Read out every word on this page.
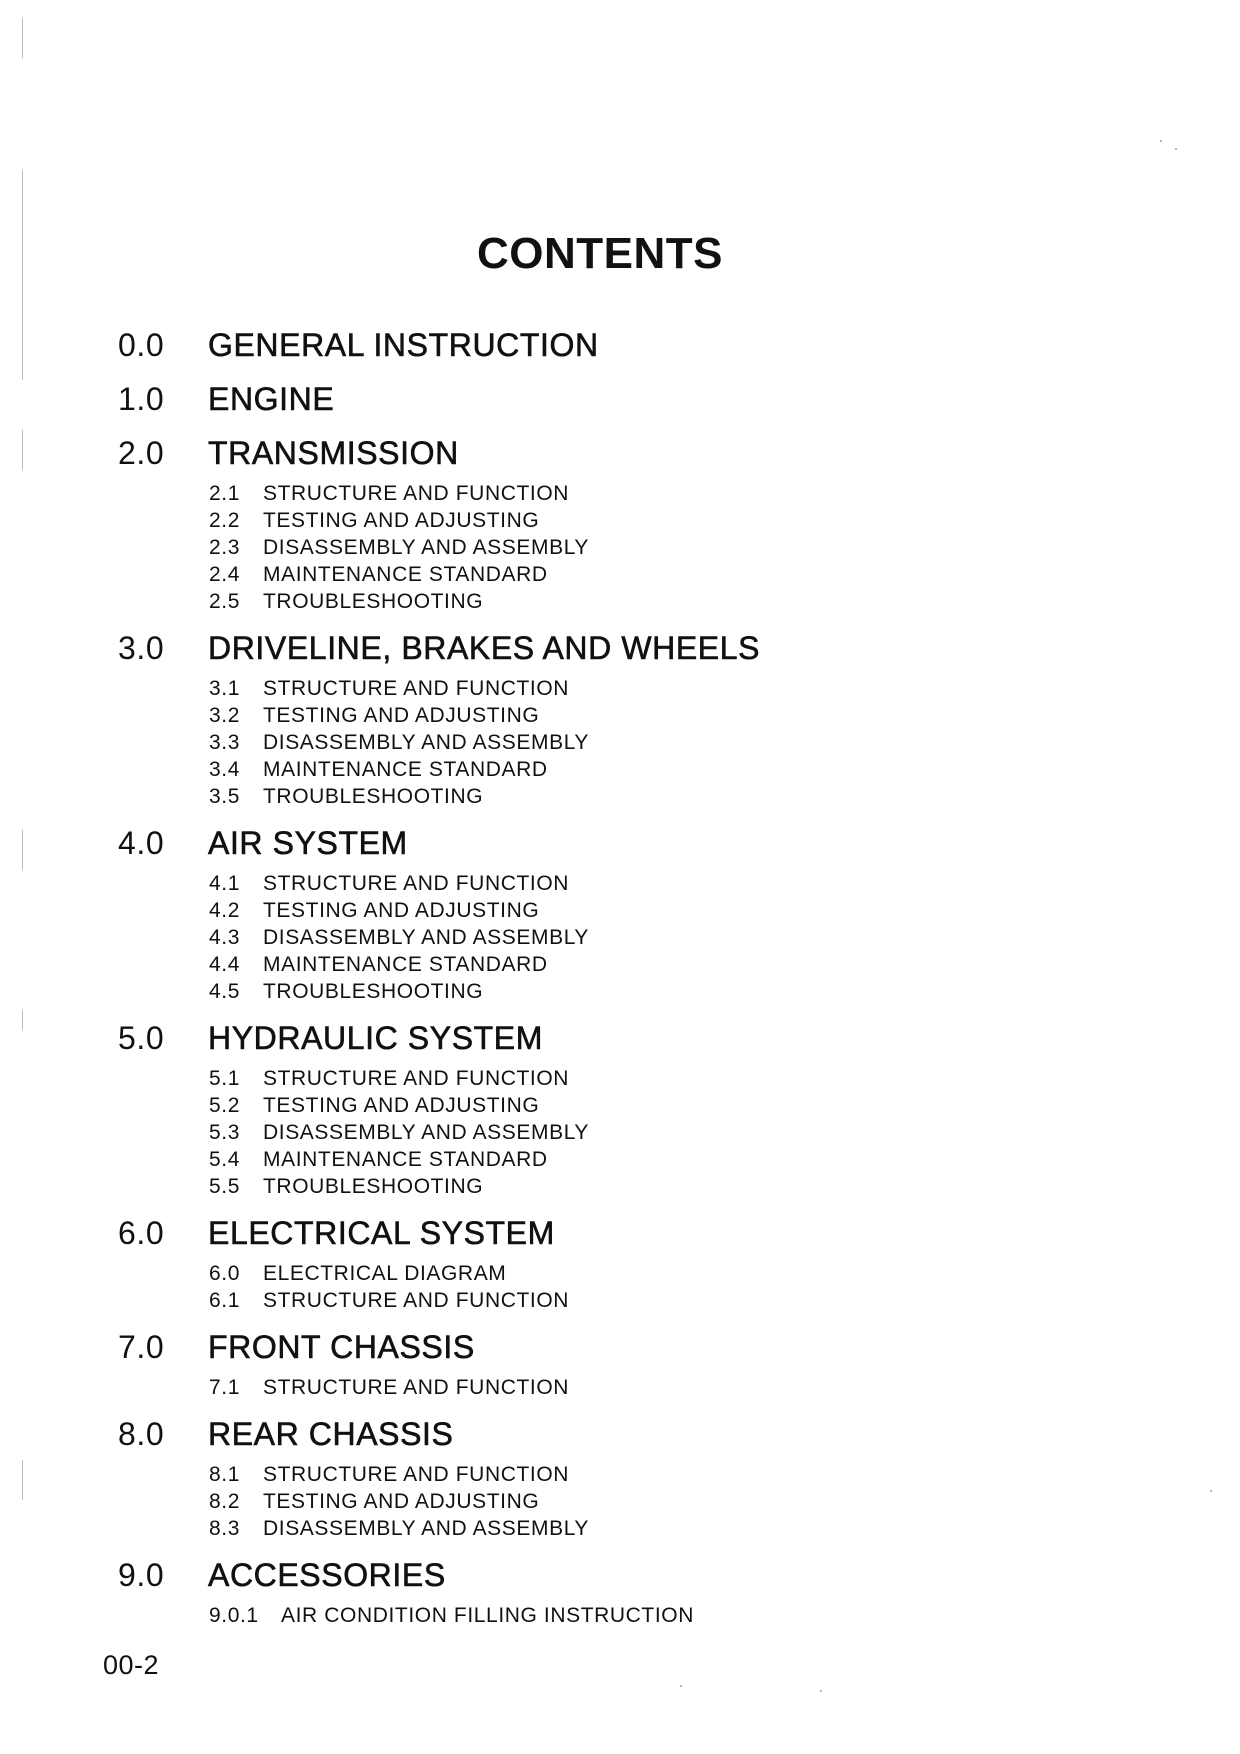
CONTENTS
0.0	GENERAL INSTRUCTION
1.0	ENGINE
2.0	TRANSMISSION
2.1	STRUCTURE AND FUNCTION
2.2	TESTING AND ADJUSTING
2.3	DISASSEMBLY AND ASSEMBLY
2.4	MAINTENANCE STANDARD
2.5	TROUBLESHOOTING
3.0	DRIVELINE, BRAKES AND WHEELS
3.1	STRUCTURE AND FUNCTION
3.2	TESTING AND ADJUSTING
3.3	DISASSEMBLY AND ASSEMBLY
3.4	MAINTENANCE STANDARD
3.5	TROUBLESHOOTING
4.0	AIR SYSTEM
4.1	STRUCTURE AND FUNCTION
4.2	TESTING AND ADJUSTING
4.3	DISASSEMBLY AND ASSEMBLY
4.4	MAINTENANCE STANDARD
4.5	TROUBLESHOOTING
5.0	HYDRAULIC SYSTEM
5.1	STRUCTURE AND FUNCTION
5.2	TESTING AND ADJUSTING
5.3	DISASSEMBLY AND ASSEMBLY
5.4	MAINTENANCE STANDARD
5.5	TROUBLESHOOTING
6.0	ELECTRICAL SYSTEM
6.0	ELECTRICAL DIAGRAM
6.1	STRUCTURE AND FUNCTION
7.0	FRONT CHASSIS
7.1	STRUCTURE AND FUNCTION
8.0	REAR CHASSIS
8.1	STRUCTURE AND FUNCTION
8.2	TESTING AND ADJUSTING
8.3	DISASSEMBLY AND ASSEMBLY
9.0	ACCESSORIES
9.0.1	AIR CONDITION FILLING INSTRUCTION
00-2
